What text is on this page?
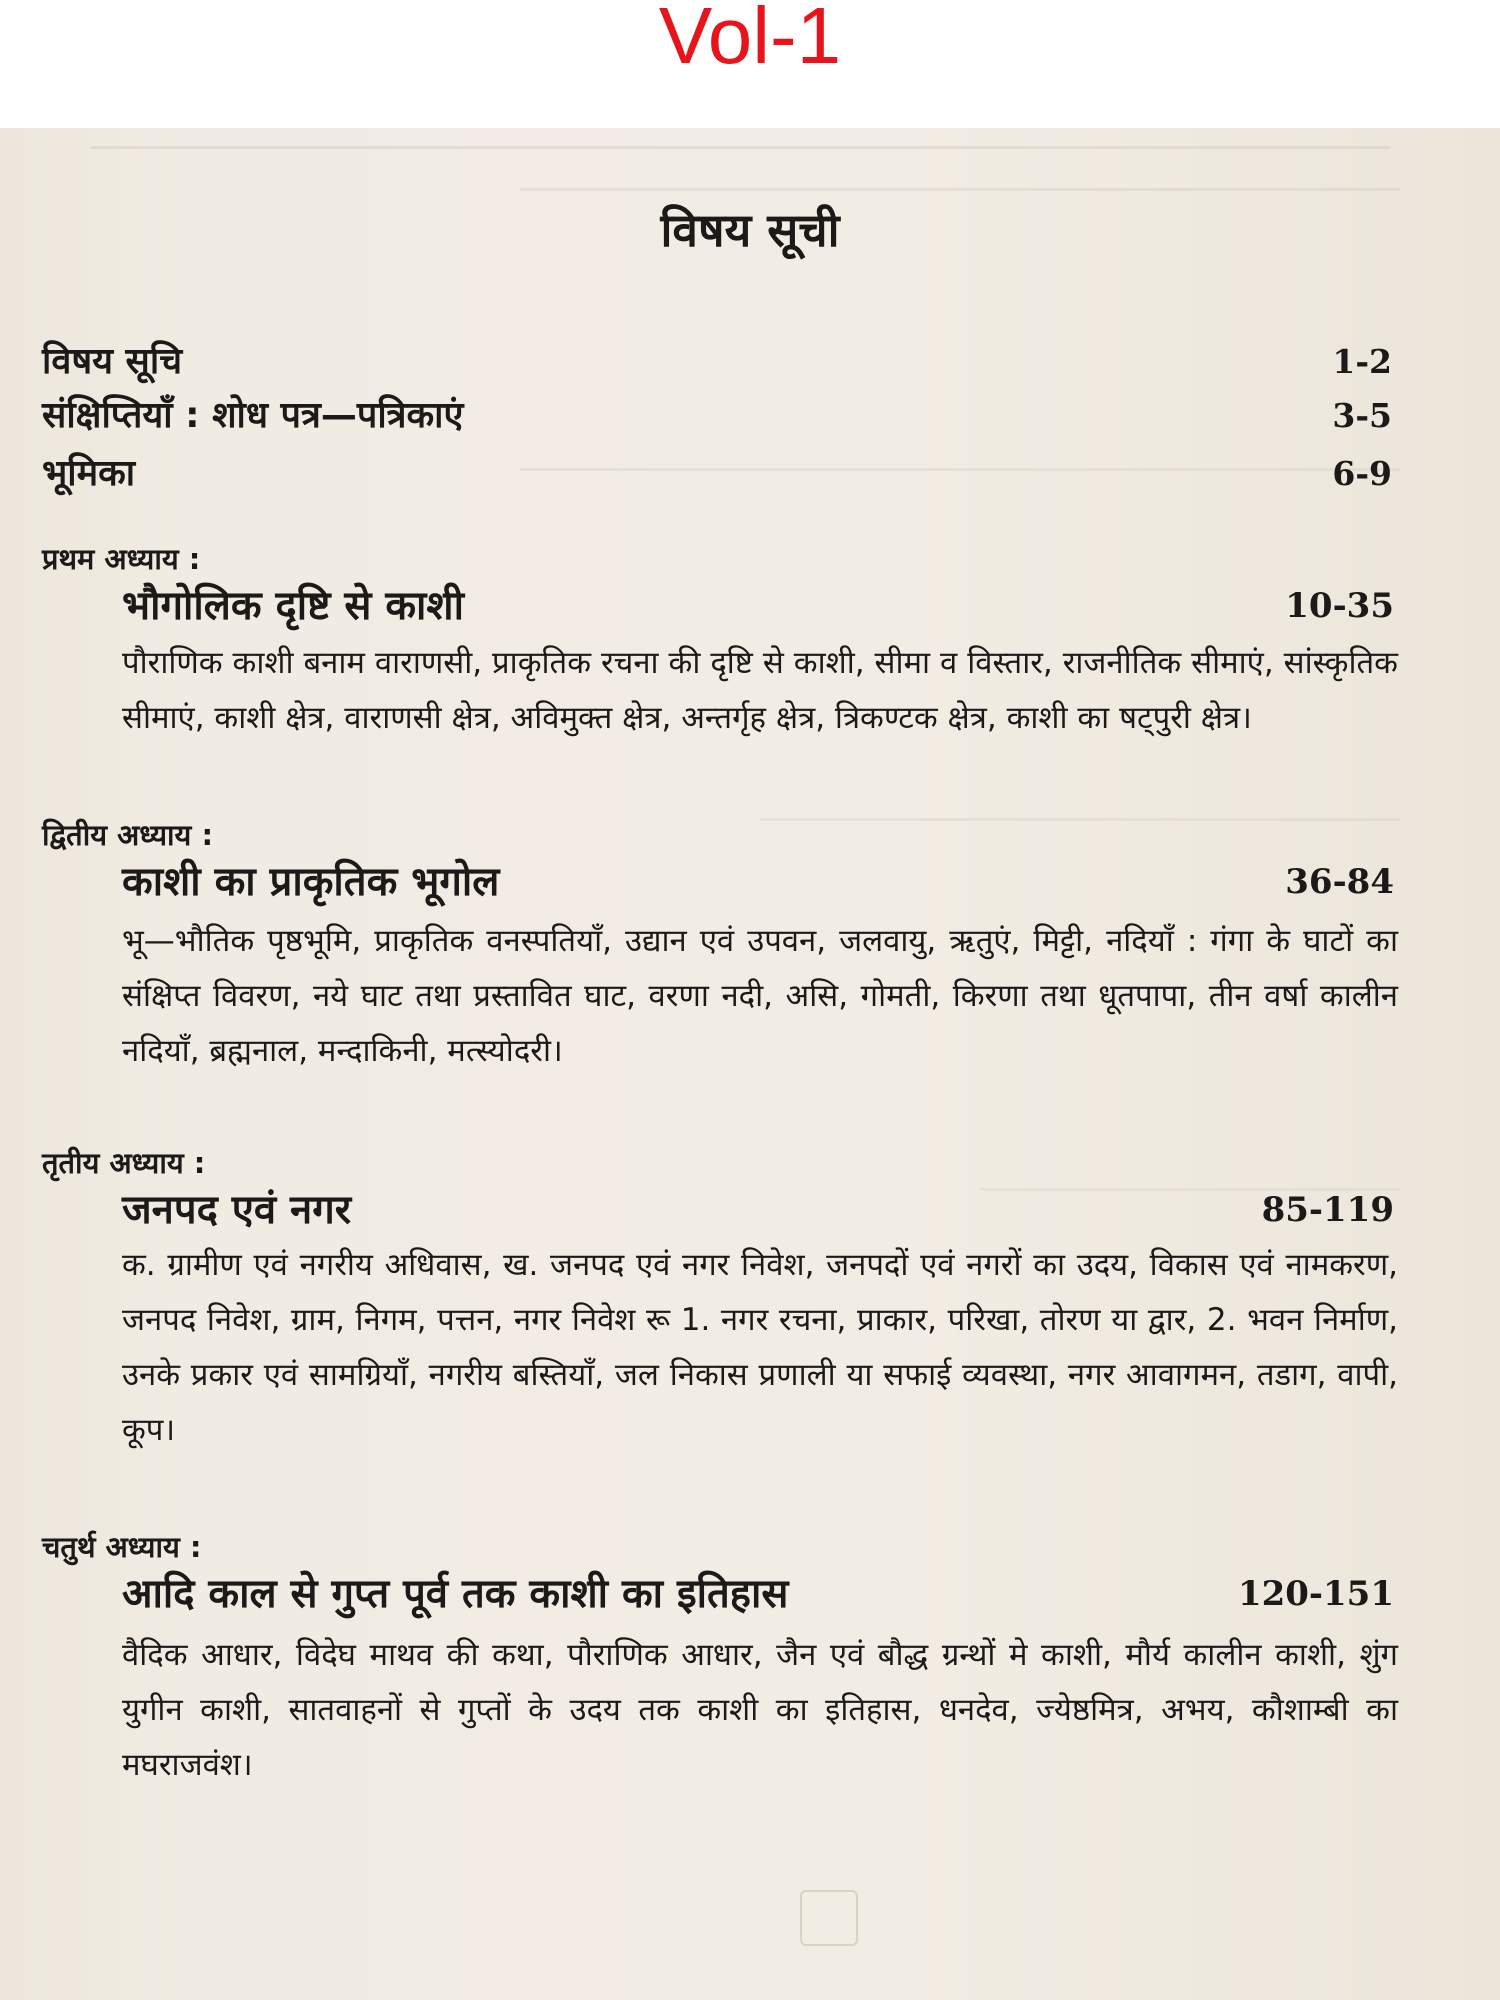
Vol-1
विषय सूची
विषय सूचि	1-2
संक्षिप्तियाँ : शोध पत्र—पत्रिकाएं	3-5
भूमिका	6-9
प्रथम अध्याय :
भौगोलिक दृष्टि से काशी	10-35

पौराणिक काशी बनाम वाराणसी, प्राकृतिक रचना की दृष्टि से काशी, सीमा व विस्तार, राजनीतिक सीमाएं, सांस्कृतिक सीमाएं, काशी क्षेत्र, वाराणसी क्षेत्र, अविमुक्त क्षेत्र, अन्तर्गृह क्षेत्र, त्रिकण्टक क्षेत्र, काशी का षट्पुरी क्षेत्र।

द्वितीय अध्याय :
काशी का प्राकृतिक भूगोल	36-84

भू—भौतिक पृष्ठभूमि, प्राकृतिक वनस्पतियाँ, उद्यान एवं उपवन, जलवायु, ऋतुएं, मिट्टी, नदियाँ : गंगा के घाटों का संक्षिप्त विवरण, नये घाट तथा प्रस्तावित घाट, वरणा नदी, असि, गोमती, किरणा तथा धूतपापा, तीन वर्षा कालीन नदियाँ, ब्रह्मनाल, मन्दाकिनी, मत्स्योदरी।

तृतीय अध्याय :
जनपद एवं नगर	85-119

क. ग्रामीण एवं नगरीय अधिवास, ख. जनपद एवं नगर निवेश, जनपदों एवं नगरों का उदय, विकास एवं नामकरण, जनपद निवेश, ग्राम, निगम, पत्तन, नगर निवेश रू 1. नगर रचना, प्राकार, परिखा, तोरण या द्वार, 2. भवन निर्माण, उनके प्रकार एवं सामग्रियाँ, नगरीय बस्तियाँ, जल निकास प्रणाली या सफाई व्यवस्था, नगर आवागमन, तडाग, वापी, कूप।

चतुर्थ अध्याय :
आदि काल से गुप्त पूर्व तक काशी का इतिहास	120-151

वैदिक आधार, विदेघ माथव की कथा, पौराणिक आधार, जैन एवं बौद्ध ग्रन्थों मे काशी, मौर्य कालीन काशी, शुंग युगीन काशी, सातवाहनों से गुप्तों के उदय तक काशी का इतिहास, धनदेव, ज्येष्ठमित्र, अभय, कौशाम्बी का मघराजवंश।
